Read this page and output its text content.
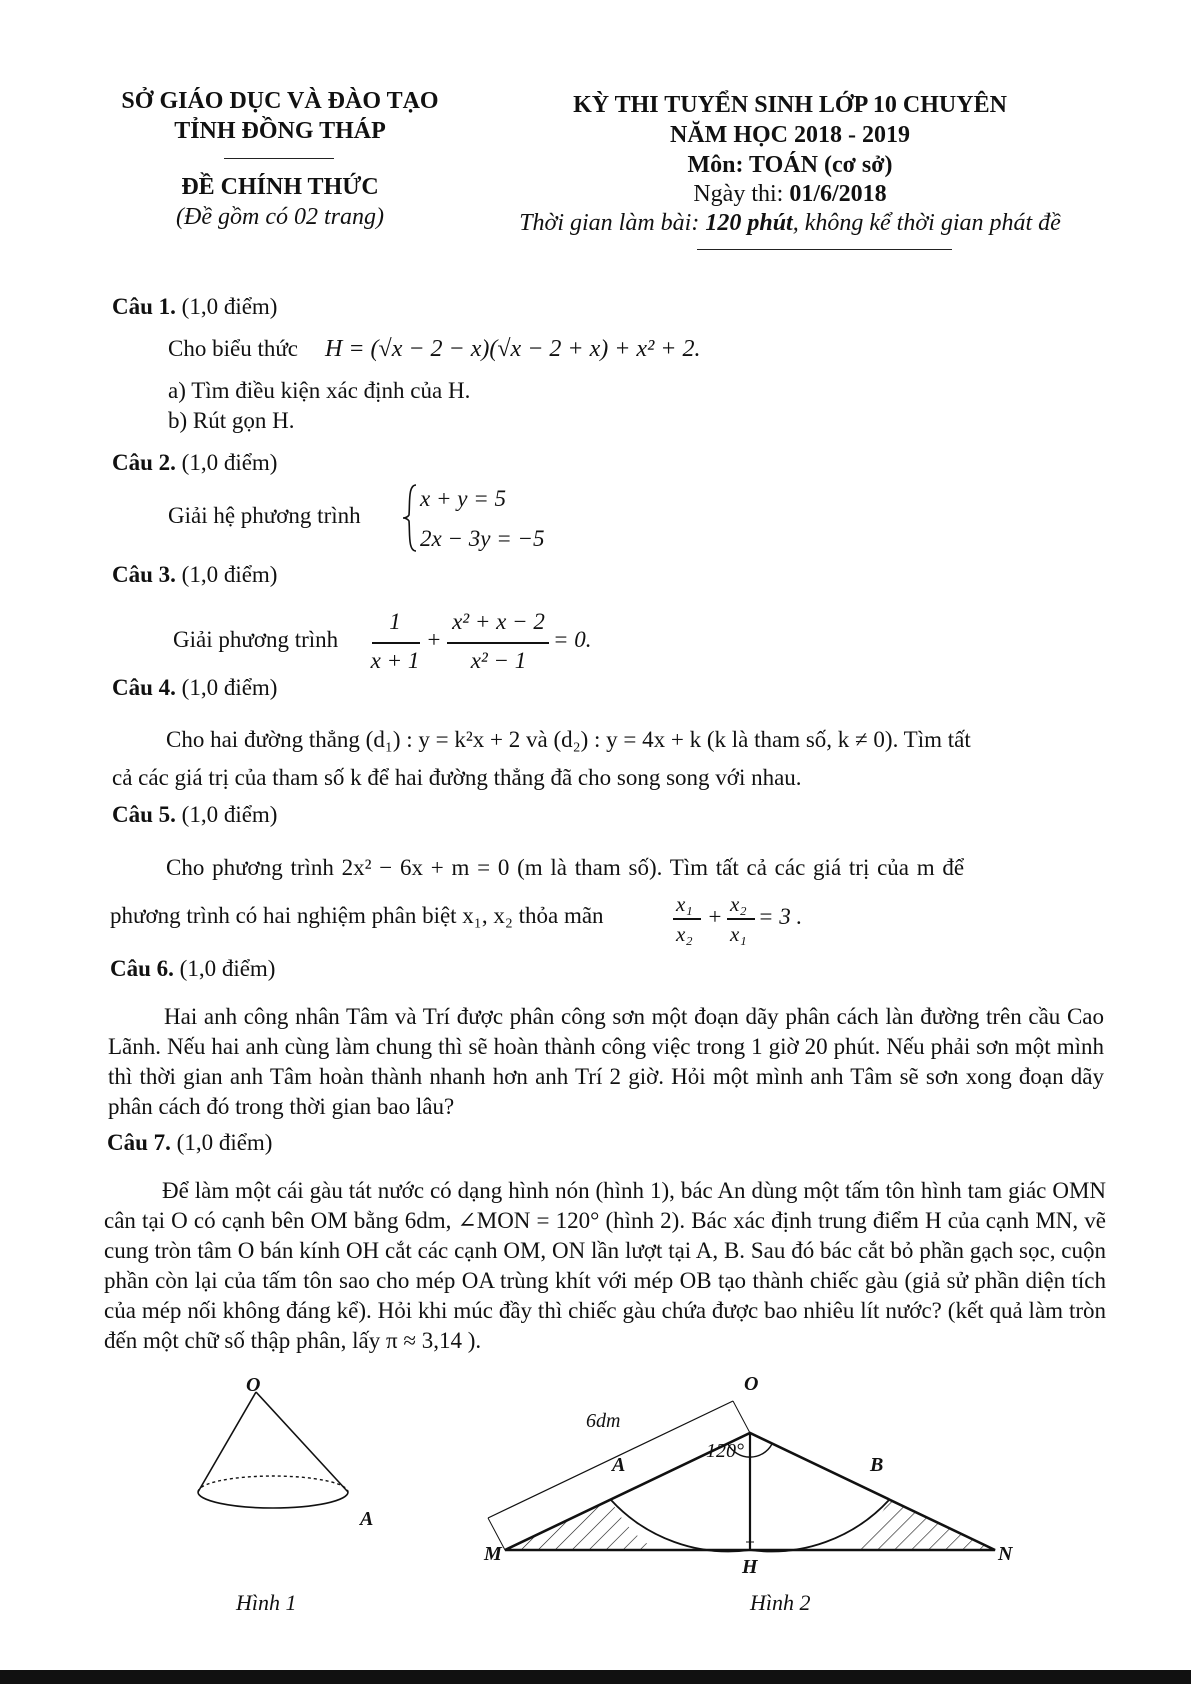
SỞ GIÁO DỤC VÀ ĐÀO TẠO
TỈNH ĐỒNG THÁP
ĐỀ CHÍNH THỨC
(Đề gồm có 02 trang)
KỲ THI TUYỂN SINH LỚP 10 CHUYÊN
NĂM HỌC 2018 - 2019
Môn: TOÁN (cơ sở)
Ngày thi: 01/6/2018
Thời gian làm bài: 120 phút, không kể thời gian phát đề
Câu 1. (1,0 điểm)
Cho biểu thức H = (√x − 2 − x)(√x − 2 + x) + x² + 2.
a) Tìm điều kiện xác định của H.
b) Rút gọn H.
Câu 2. (1,0 điểm)
Giải hệ phương trình
x + y = 5
2x − 3y = −5
Câu 3. (1,0 điểm)
Giải phương trình
1
x + 1
+
x² + x − 2
x² − 1
= 0.
Câu 4. (1,0 điểm)
Cho hai đường thẳng (d₁) : y = k²x + 2 và (d₂) : y = 4x + k (k là tham số, k ≠ 0). Tìm tất
cả các giá trị của tham số k để hai đường thẳng đã cho song song với nhau.
Câu 5. (1,0 điểm)
Cho phương trình 2x² − 6x + m = 0 (m là tham số). Tìm tất cả các giá trị của m để
phương trình có hai nghiệm phân biệt x₁, x₂ thỏa mãn	x₁
x₂
+ x₂
x₁
= 3 .
Câu 6. (1,0 điểm)
Hai anh công nhân Tâm và Trí được phân công sơn một đoạn dãy phân cách làn đường trên cầu Cao Lãnh. Nếu hai anh cùng làm chung thì sẽ hoàn thành công việc trong 1 giờ 20 phút. Nếu phải sơn một mình thì thời gian anh Tâm hoàn thành nhanh hơn anh Trí 2 giờ. Hỏi một mình anh Tâm sẽ sơn xong đoạn dãy phân cách đó trong thời gian bao lâu?
Câu 7. (1,0 điểm)
Để làm một cái gàu tát nước có dạng hình nón (hình 1), bác An dùng một tấm tôn hình tam giác OMN cân tại O có cạnh bên OM bằng 6dm, ∠MON = 120° (hình 2). Bác xác định trung điểm H của cạnh MN, vẽ cung tròn tâm O bán kính OH cắt các cạnh OM, ON lần lượt tại A, B. Sau đó bác cắt bỏ phần gạch sọc, cuộn phần còn lại của tấm tôn sao cho mép OA trùng khít với mép OB tạo thành chiếc gàu (giả sử phần diện tích của mép nối không đáng kể). Hỏi khi múc đầy thì chiếc gàu chứa được bao nhiêu lít nước? (kết quả làm tròn đến một chữ số thập phân, lấy π ≈ 3,14 ).
O
A
Hình 1
O
A	B
M	N
H
6dm
120°
Hình 2
